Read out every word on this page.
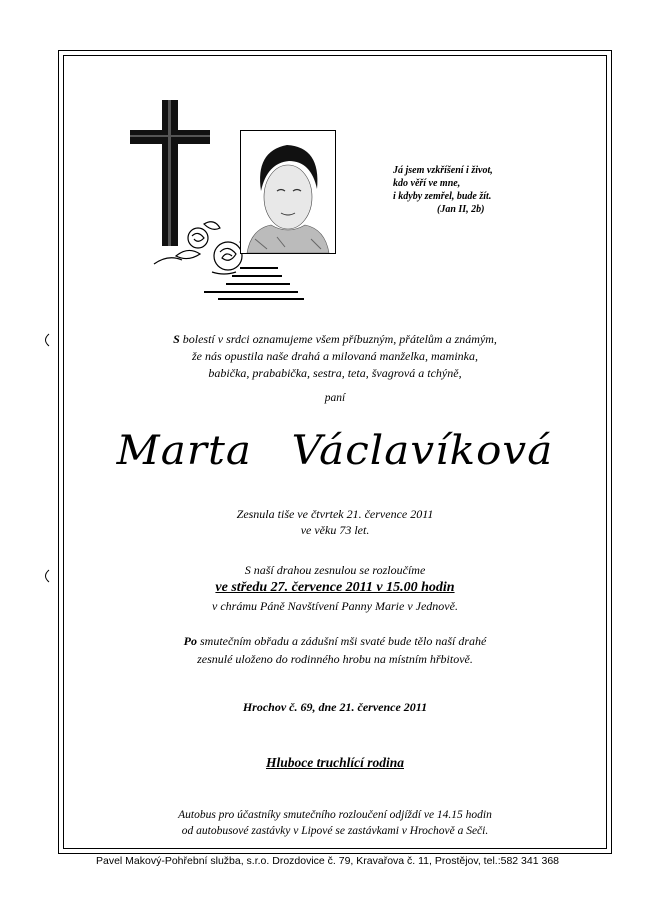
Já jsem vzkříšení i život,
kdo věří ve mne,
i kdyby zemřel, bude žít.
(Jan II, 2b)
S bolestí v srdci oznamujeme všem příbuzným, přátelům a známým,
že nás opustila naše drahá a milovaná manželka, maminka,
babička, prababička, sestra, teta, švagrová a tchýně,
paní
Marta Václavíková
Zesnula tiše ve čtvrtek 21. července 2011
ve věku 73 let.
S naší drahou zesnulou se rozloučíme
ve středu 27. července 2011 v 15.00 hodin
v chrámu Páně Navštívení Panny Marie v Jednově.
Po smutečním obřadu a zádušní mši svaté bude tělo naší drahé
zesnulé uloženo do rodinného hrobu na místním hřbitově.
Hrochov č. 69, dne 21. července 2011
Hluboce truchlící rodina
Autobus pro účastníky smutečního rozloučení odjíždí ve 14.15 hodin
od autobusové zastávky v Lipové se zastávkami v Hrochově a Seči.
Pavel Makový-Pohřební služba, s.r.o. Drozdovice č. 79, Kravařova č. 11, Prostějov, tel.:582 341 368
